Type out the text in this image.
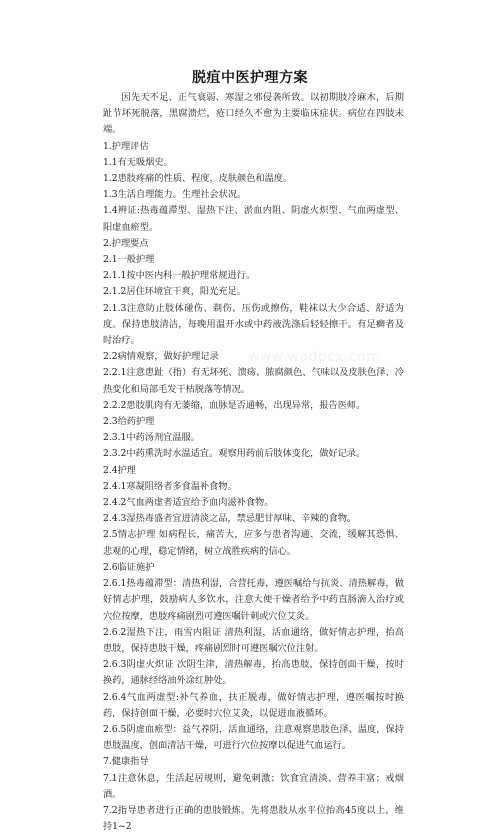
脱疽中医护理方案
www.wodocx.com

因先天不足、正气衰弱、寒湿之邪侵袭所致。以初期肢冷麻木，后期趾节坏死脱落，黑腐溃烂，疮口经久不愈为主要临床症状。病位在四肢末端。

1.护理评估

1.1有无吸烟史。

1.2患肢疼痛的性质、程度，皮肤颜色和温度。

1.3生活自理能力。生理社会状况。

1.4辨证:热毒蕴滞型、湿热下注、淤血内阻、阴虚火炽型、气血两虚型、阳虚血瘀型。

2.护理要点

2.1一般护理

2.1.1按中医内科一般护理常规进行。

2.1.2居住环境宜干爽，阳光充足。

2.1.3注意防止肢体碰伤、剃伤、压伤或擦伤，鞋袜以大少合适、舒适为度。保持患肢清洁，每晚用温开水或中药液洗涤后轻轻擦干。有足癣者及时治疗。

2.2病情观察，做好护理记录

2.2.1注意患趾（指）有无坏死、溃疡、脓腐颜色、气味以及皮肤色泽、冷热变化和局部毛发干枯脱落等情况。

2.2.2患肢肌肉有无萎缩，血脉是否通畅，出现异常，报告医师。

2.3给药护理

2.3.1中药汤剂宜温服。

2.3.2中药熏洗时水温适宜。观察用药前后肢体变化，做好记录。

2.4护理

2.4.1寒凝阻络者多食温补食物。

2.4.2气血两虚者适宜给予血肉滋补食物。

2.4.3湿热毒盛者宜进清淡之品，禁忌肥甘厚味、辛辣的食物。

2.5情志护理 如病程长，痛苦大，应多与患者沟通、交流，缓解其恐惧、悲观的心理，稳定情绪，树立战胜疾病的信心。

2.6临证施护

2.6.1热毒蕴滞型：清热利湿，合营托毒，遵医嘱给与抗炎、清热解毒，做好情志护理，鼓励病人多饮水，注意大便干燥者给予中药直肠滴入治疗或穴位按摩，患肢疼痛剧烈可遵医嘱针刺或穴位艾灸。

2.6.2湿热下注，雨雪内阻证 清热利湿，活血通络，做好情志护理，抬高患肢，保持患肢干燥，疼痛剧烈时可遵医嘱穴位注射。

2.6.3阴虚火炽证 次阴生津，清热解毒，抬高患肢，保持创面干燥，按时换药，通脉经络油外涂红肿处。

2.6.4气血两虚型:补气养血，扶正脱毒，做好情志护理，遵医嘱按时换药，保持创面干燥，必要时穴位艾灸，以促进血液循环。

2.6.5阴虚血瘀型：益气养阴，活血通络，注意观察患肢色泽、温度，保持患肢温度，创面清洁干燥，可进行穴位按摩以促进气血运行。

7.健康指导

7.1注意休息，生活起居规则，避免刺激；饮食宜清淡、营养丰富；戒烟酒。

7.2指导患者进行正确的患肢锻炼。先将患肢从水平位抬高45度以上，维持1~2
